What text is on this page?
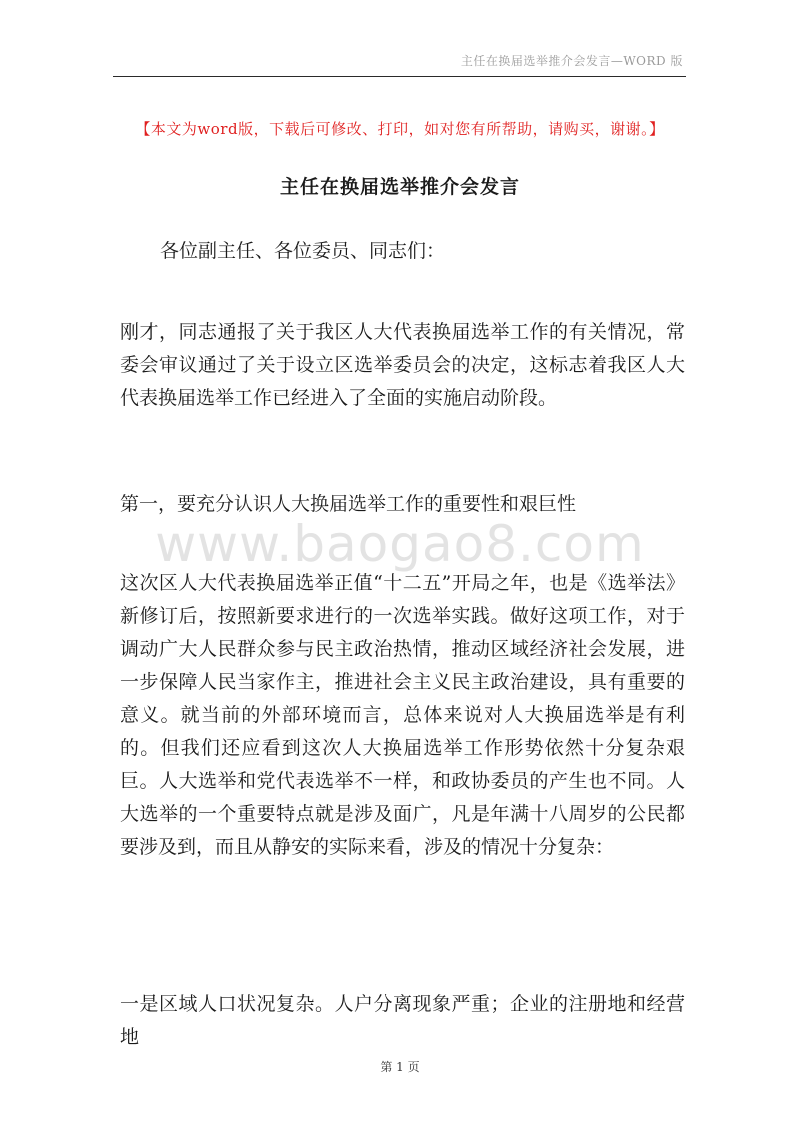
主任在换届选举推介会发言—WORD 版
【本文为word版，下载后可修改、打印，如对您有所帮助，请购买，谢谢。】
主任在换届选举推介会发言
各位副主任、各位委员、同志们：
刚才，同志通报了关于我区人大代表换届选举工作的有关情况，常委会审议通过了关于设立区选举委员会的决定，这标志着我区人大代表换届选举工作已经进入了全面的实施启动阶段。
第一，要充分认识人大换届选举工作的重要性和艰巨性
www.baogao8.com
这次区人大代表换届选举正值“十二五”开局之年，也是《选举法》新修订后，按照新要求进行的一次选举实践。做好这项工作，对于调动广大人民群众参与民主政治热情，推动区域经济社会发展，进一步保障人民当家作主，推进社会主义民主政治建设，具有重要的意义。就当前的外部环境而言，总体来说对人大换届选举是有利的。但我们还应看到这次人大换届选举工作形势依然十分复杂艰巨。人大选举和党代表选举不一样，和政协委员的产生也不同。人大选举的一个重要特点就是涉及面广，凡是年满十八周岁的公民都要涉及到，而且从静安的实际来看，涉及的情况十分复杂：
一是区域人口状况复杂。人户分离现象严重；企业的注册地和经营地
第 1 页
